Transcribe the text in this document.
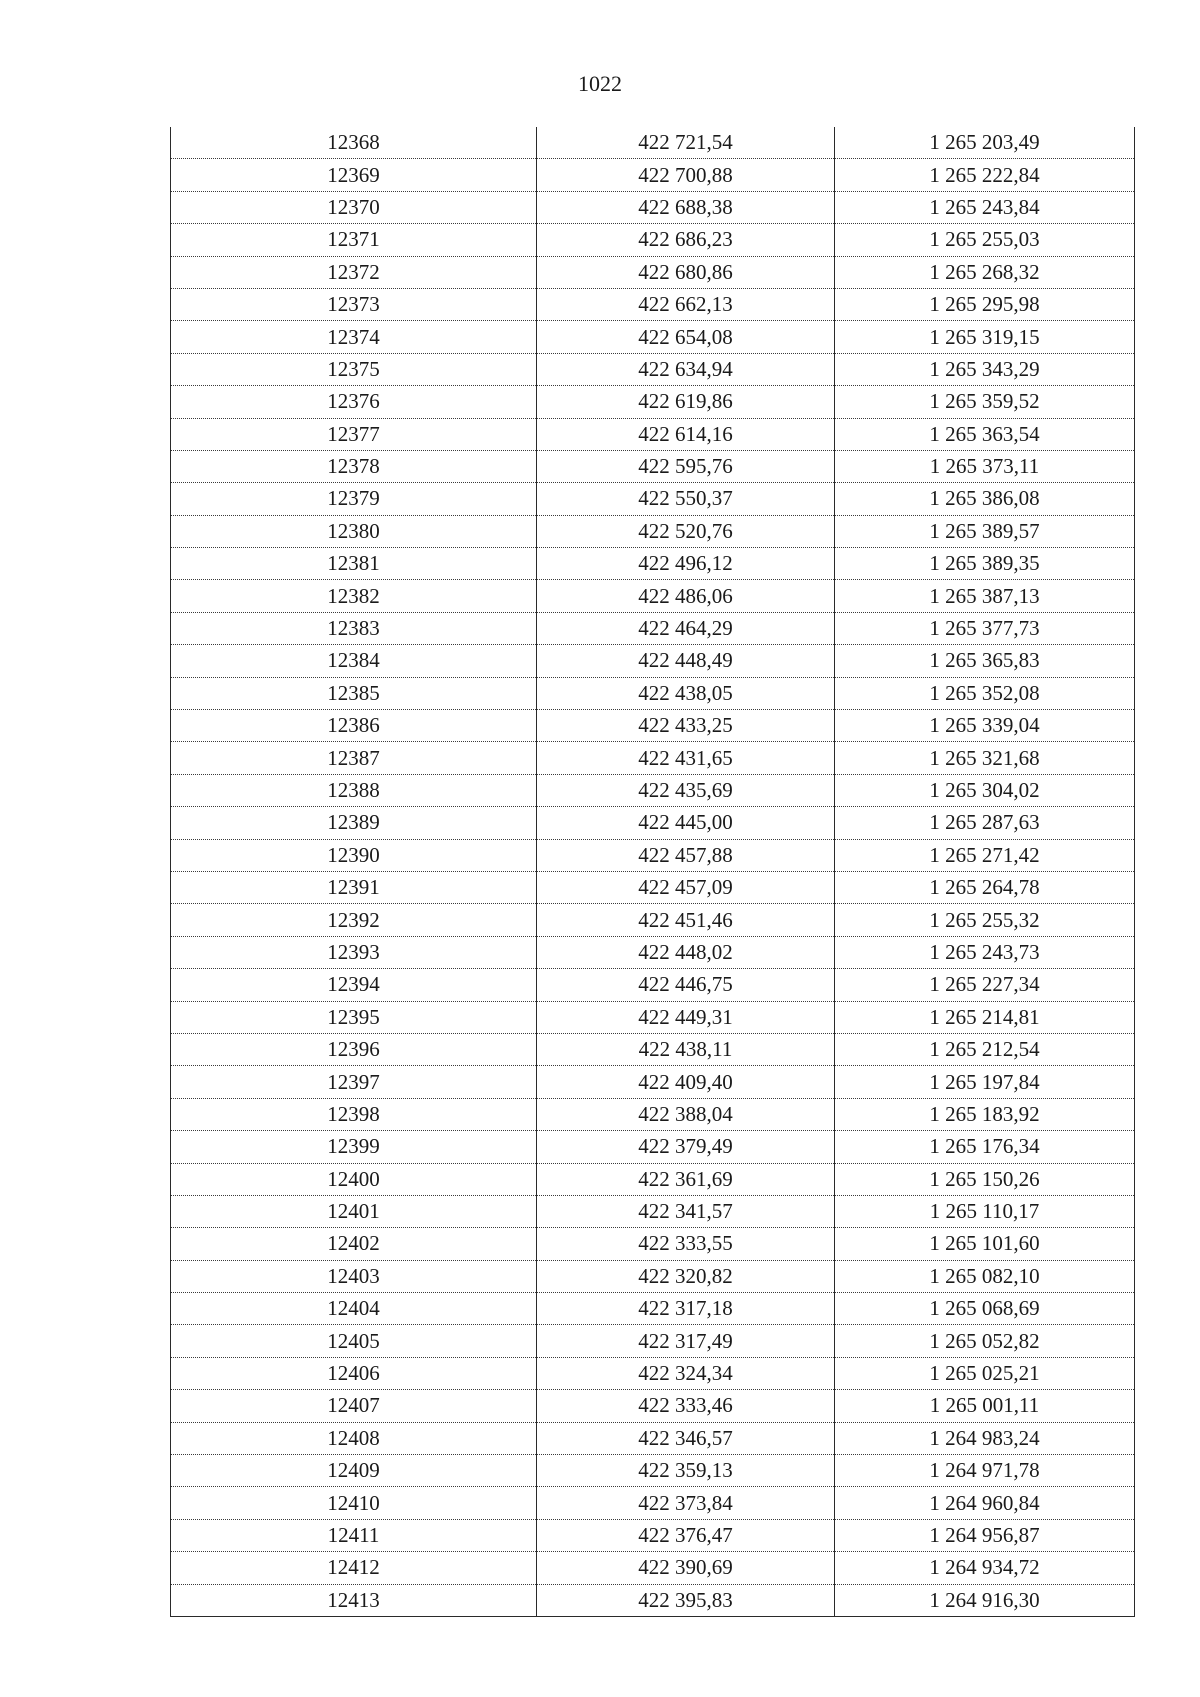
1022
12368	422 721,54	1 265 203,49
12369	422 700,88	1 265 222,84
12370	422 688,38	1 265 243,84
12371	422 686,23	1 265 255,03
12372	422 680,86	1 265 268,32
12373	422 662,13	1 265 295,98
12374	422 654,08	1 265 319,15
12375	422 634,94	1 265 343,29
12376	422 619,86	1 265 359,52
12377	422 614,16	1 265 363,54
12378	422 595,76	1 265 373,11
12379	422 550,37	1 265 386,08
12380	422 520,76	1 265 389,57
12381	422 496,12	1 265 389,35
12382	422 486,06	1 265 387,13
12383	422 464,29	1 265 377,73
12384	422 448,49	1 265 365,83
12385	422 438,05	1 265 352,08
12386	422 433,25	1 265 339,04
12387	422 431,65	1 265 321,68
12388	422 435,69	1 265 304,02
12389	422 445,00	1 265 287,63
12390	422 457,88	1 265 271,42
12391	422 457,09	1 265 264,78
12392	422 451,46	1 265 255,32
12393	422 448,02	1 265 243,73
12394	422 446,75	1 265 227,34
12395	422 449,31	1 265 214,81
12396	422 438,11	1 265 212,54
12397	422 409,40	1 265 197,84
12398	422 388,04	1 265 183,92
12399	422 379,49	1 265 176,34
12400	422 361,69	1 265 150,26
12401	422 341,57	1 265 110,17
12402	422 333,55	1 265 101,60
12403	422 320,82	1 265 082,10
12404	422 317,18	1 265 068,69
12405	422 317,49	1 265 052,82
12406	422 324,34	1 265 025,21
12407	422 333,46	1 265 001,11
12408	422 346,57	1 264 983,24
12409	422 359,13	1 264 971,78
12410	422 373,84	1 264 960,84
12411	422 376,47	1 264 956,87
12412	422 390,69	1 264 934,72
12413	422 395,83	1 264 916,30
